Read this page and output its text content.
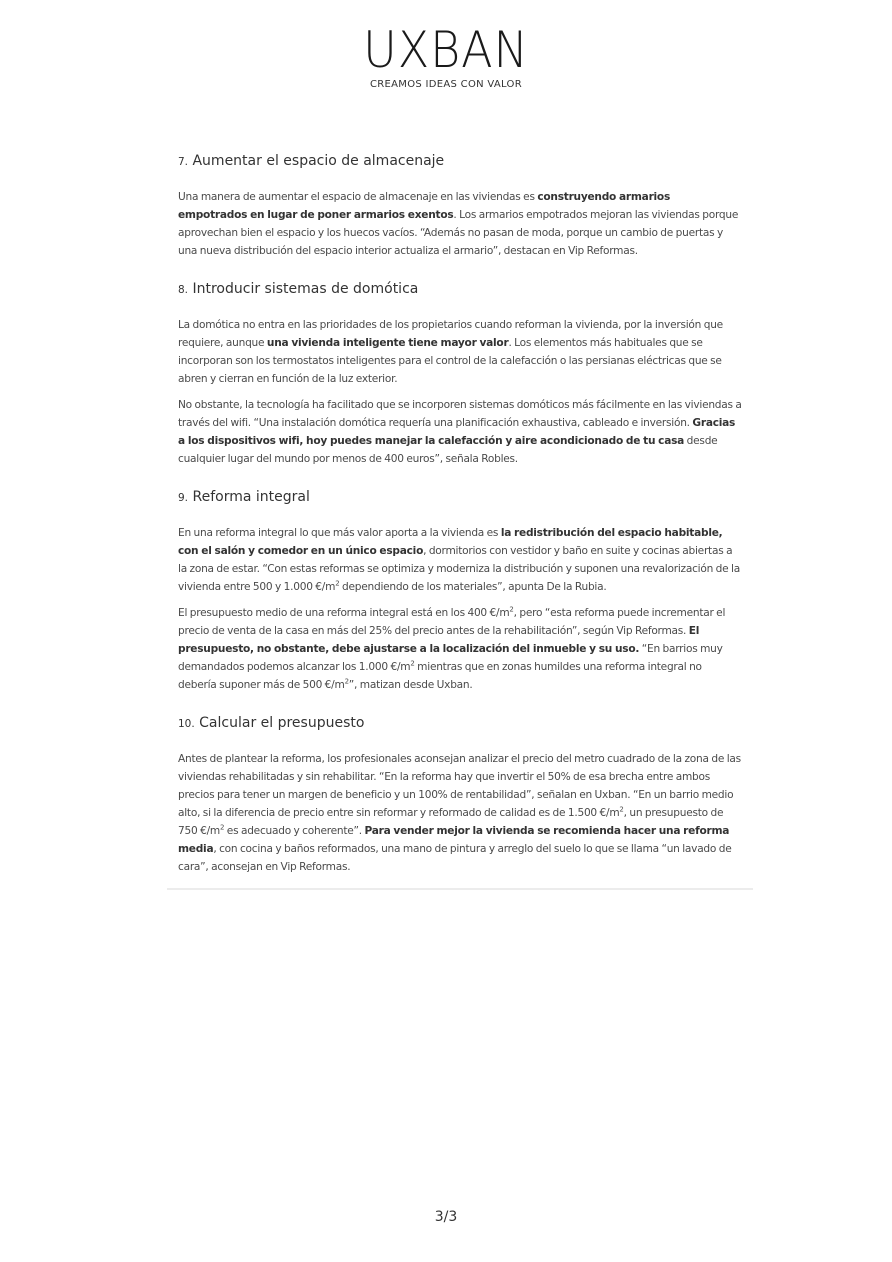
UXBAN
CREAMOS IDEAS CON VALOR
7. Aumentar el espacio de almacenaje

Una manera de aumentar el espacio de almacenaje en las viviendas es construyendo armarios empotrados en lugar de poner armarios exentos. Los armarios empotrados mejoran las viviendas porque aprovechan bien el espacio y los huecos vacíos. “Además no pasan de moda, porque un cambio de puertas y una nueva distribución del espacio interior actualiza el armario”, destacan en Vip Reformas.

8. Introducir sistemas de domótica

La domótica no entra en las prioridades de los propietarios cuando reforman la vivienda, por la inversión que requiere, aunque una vivienda inteligente tiene mayor valor. Los elementos más habituales que se incorporan son los termostatos inteligentes para el control de la calefacción o las persianas eléctricas que se abren y cierran en función de la luz exterior.

No obstante, la tecnología ha facilitado que se incorporen sistemas domóticos más fácilmente en las viviendas a través del wifi. “Una instalación domótica requería una planificación exhaustiva, cableado e inversión. Gracias a los dispositivos wifi, hoy puedes manejar la calefacción y aire acondicionado de tu casa desde cualquier lugar del mundo por menos de 400 euros”, señala Robles.

9. Reforma integral

En una reforma integral lo que más valor aporta a la vivienda es la redistribución del espacio habitable, con el salón y comedor en un único espacio, dormitorios con vestidor y baño en suite y cocinas abiertas a la zona de estar. “Con estas reformas se optimiza y moderniza la distribución y suponen una revalorización de la vivienda entre 500 y 1.000 $€/m^2$ dependiendo de los materiales”, apunta De la Rubia.

El presupuesto medio de una reforma integral está en los 400 $€/m^2$, pero “esta reforma puede incrementar el precio de venta de la casa en más del 25% del precio antes de la rehabilitación”, según Vip Reformas. El presupuesto, no obstante, debe ajustarse a la localización del inmueble y su uso. “En barrios muy demandados podemos alcanzar los 1.000 $€/m^2$ mientras que en zonas humildes una reforma integral no debería suponer más de 500 $€/m^2$”, matizan desde Uxban.

10. Calcular el presupuesto

Antes de plantear la reforma, los profesionales aconsejan analizar el precio del metro cuadrado de la zona de las viviendas rehabilitadas y sin rehabilitar. “En la reforma hay que invertir el 50% de esa brecha entre ambos precios para tener un margen de beneficio y un 100% de rentabilidad”, señalan en Uxban. “En un barrio medio alto, si la diferencia de precio entre sin reformar y reformado de calidad es de 1.500 $€/m^2$, un presupuesto de 750 $€/m^2$ es adecuado y coherente”. Para vender mejor la vivienda se recomienda hacer una reforma media, con cocina y baños reformados, una mano de pintura y arreglo del suelo lo que se llama “un lavado de cara”, aconsejan en Vip Reformas.

3/3
